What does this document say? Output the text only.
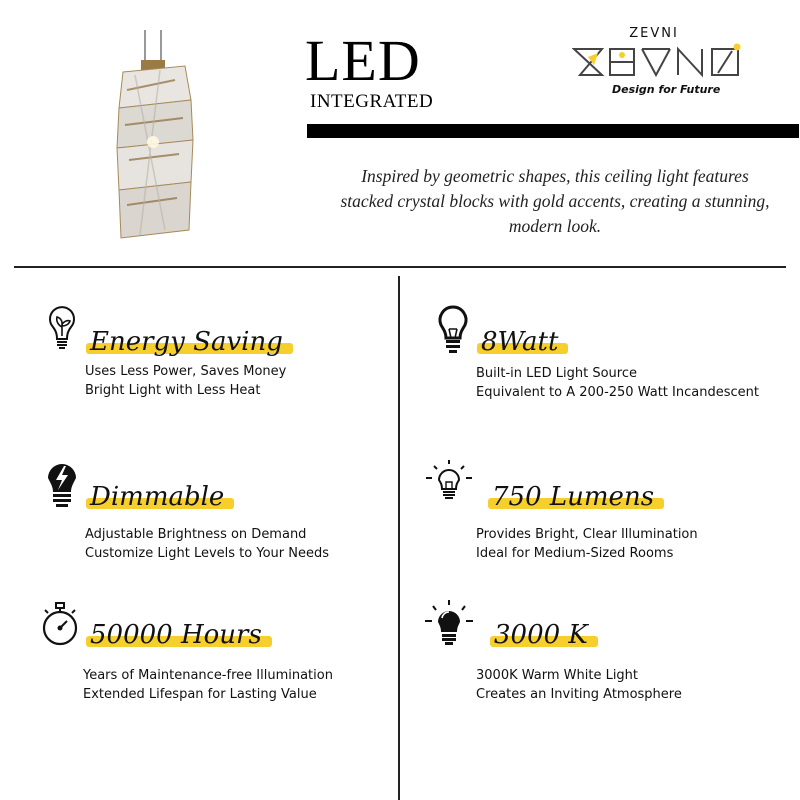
LED
INTEGRATED
ZEVNI
Design for Future
Inspired by geometric shapes, this ceiling light features stacked crystal blocks with gold accents, creating a stunning, modern look.
Energy Saving
Uses Less Power, Saves Money
Bright Light with Less Heat
8Watt
Built-in LED Light Source
Equivalent to A 200-250 Watt Incandescent
Dimmable
Adjustable Brightness on Demand
Customize Light Levels to Your Needs
750 Lumens
Provides Bright, Clear Illumination
Ideal for Medium-Sized Rooms
50000 Hours
Years of Maintenance-free Illumination
Extended Lifespan for Lasting Value
3000 K
3000K Warm White Light
Creates an Inviting Atmosphere
